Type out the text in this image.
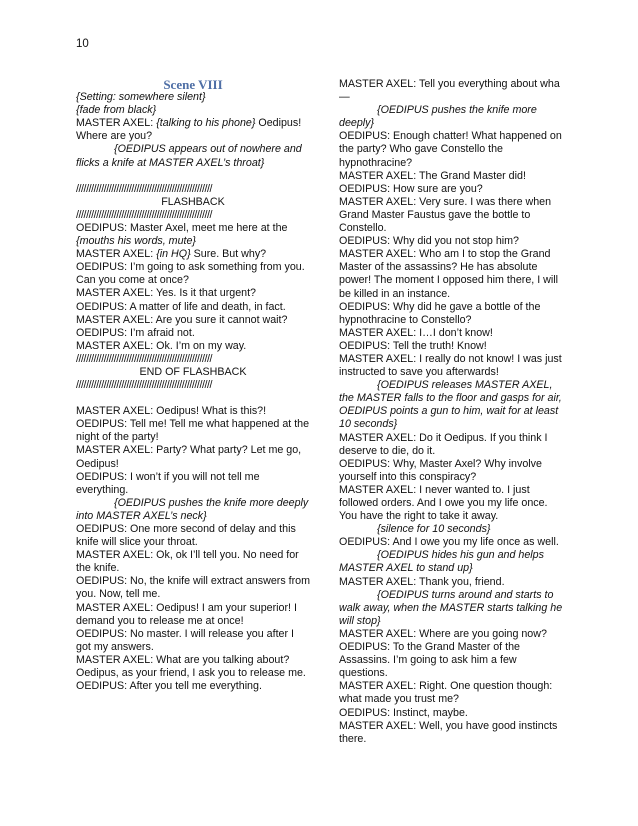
10

Scene VIII

{Setting: somewhere silent}

{fade from black}

MASTER AXEL: {talking to his phone} Oedipus! Where are you?

{OEDIPUS appears out of nowhere and flicks a knife at MASTER AXEL’s throat}

//////////////////////////////////////////////////////

FLASHBACK

//////////////////////////////////////////////////////

OEDIPUS: Master Axel, meet me here at the

{mouths his words, mute}

MASTER AXEL: {in HQ} Sure. But why?

OEDIPUS: I’m going to ask something from you. Can you come at once?

MASTER AXEL: Yes. Is it that urgent?

OEDIPUS: A matter of life and death, in fact.

MASTER AXEL: Are you sure it cannot wait?

OEDIPUS: I’m afraid not.

MASTER AXEL: Ok. I’m on my way.

//////////////////////////////////////////////////////

END OF FLASHBACK

//////////////////////////////////////////////////////

MASTER AXEL: Oedipus! What is this?!

OEDIPUS: Tell me! Tell me what happened at the night of the party!

MASTER AXEL: Party? What party? Let me go, Oedipus!

OEDIPUS: I won’t if you will not tell me everything.

{OEDIPUS pushes the knife more deeply into MASTER AXEL’s neck}

OEDIPUS: One more second of delay and this knife will slice your throat.

MASTER AXEL: Ok, ok I’ll tell you. No need for the knife.

OEDIPUS: No, the knife will extract answers from you. Now, tell me.

MASTER AXEL: Oedipus! I am your superior! I demand you to release me at once!

OEDIPUS: No master. I will release you after I got my answers.

MASTER AXEL: What are you talking about? Oedipus, as your friend, I ask you to release me.

OEDIPUS: After you tell me everything.

MASTER AXEL: Tell you everything about wha—

{OEDIPUS pushes the knife more deeply}

OEDIPUS: Enough chatter! What happened on the party? Who gave Constello the hypnothracine?

MASTER AXEL: The Grand Master did!

OEDIPUS: How sure are you?

MASTER AXEL: Very sure. I was there when Grand Master Faustus gave the bottle to Constello.

OEDIPUS: Why did you not stop him?

MASTER AXEL: Who am I to stop the Grand Master of the assassins? He has absolute power! The moment I opposed him there, I will be killed in an instance.

OEDIPUS: Why did he gave a bottle of the hypnothracine to Constello?

MASTER AXEL: I…I don’t know!

OEDIPUS: Tell the truth! Know!

MASTER AXEL: I really do not know! I was just instructed to save you afterwards!

{OEDIPUS releases MASTER AXEL, the MASTER falls to the floor and gasps for air, OEDIPUS points a gun to him, wait for at least 10 seconds}

MASTER AXEL: Do it Oedipus. If you think I deserve to die, do it.

OEDIPUS: Why, Master Axel? Why involve yourself into this conspiracy?

MASTER AXEL: I never wanted to. I just followed orders. And I owe you my life once. You have the right to take it away.

{silence for 10 seconds}

OEDIPUS: And I owe you my life once as well.

{OEDIPUS hides his gun and helps MASTER AXEL to stand up}

MASTER AXEL: Thank you, friend.

{OEDIPUS turns around and starts to walk away, when the MASTER starts talking he will stop}

MASTER AXEL: Where are you going now?

OEDIPUS: To the Grand Master of the Assassins. I’m going to ask him a few questions.

MASTER AXEL: Right. One question though: what made you trust me?

OEDIPUS: Instinct, maybe.

MASTER AXEL: Well, you have good instincts there.
